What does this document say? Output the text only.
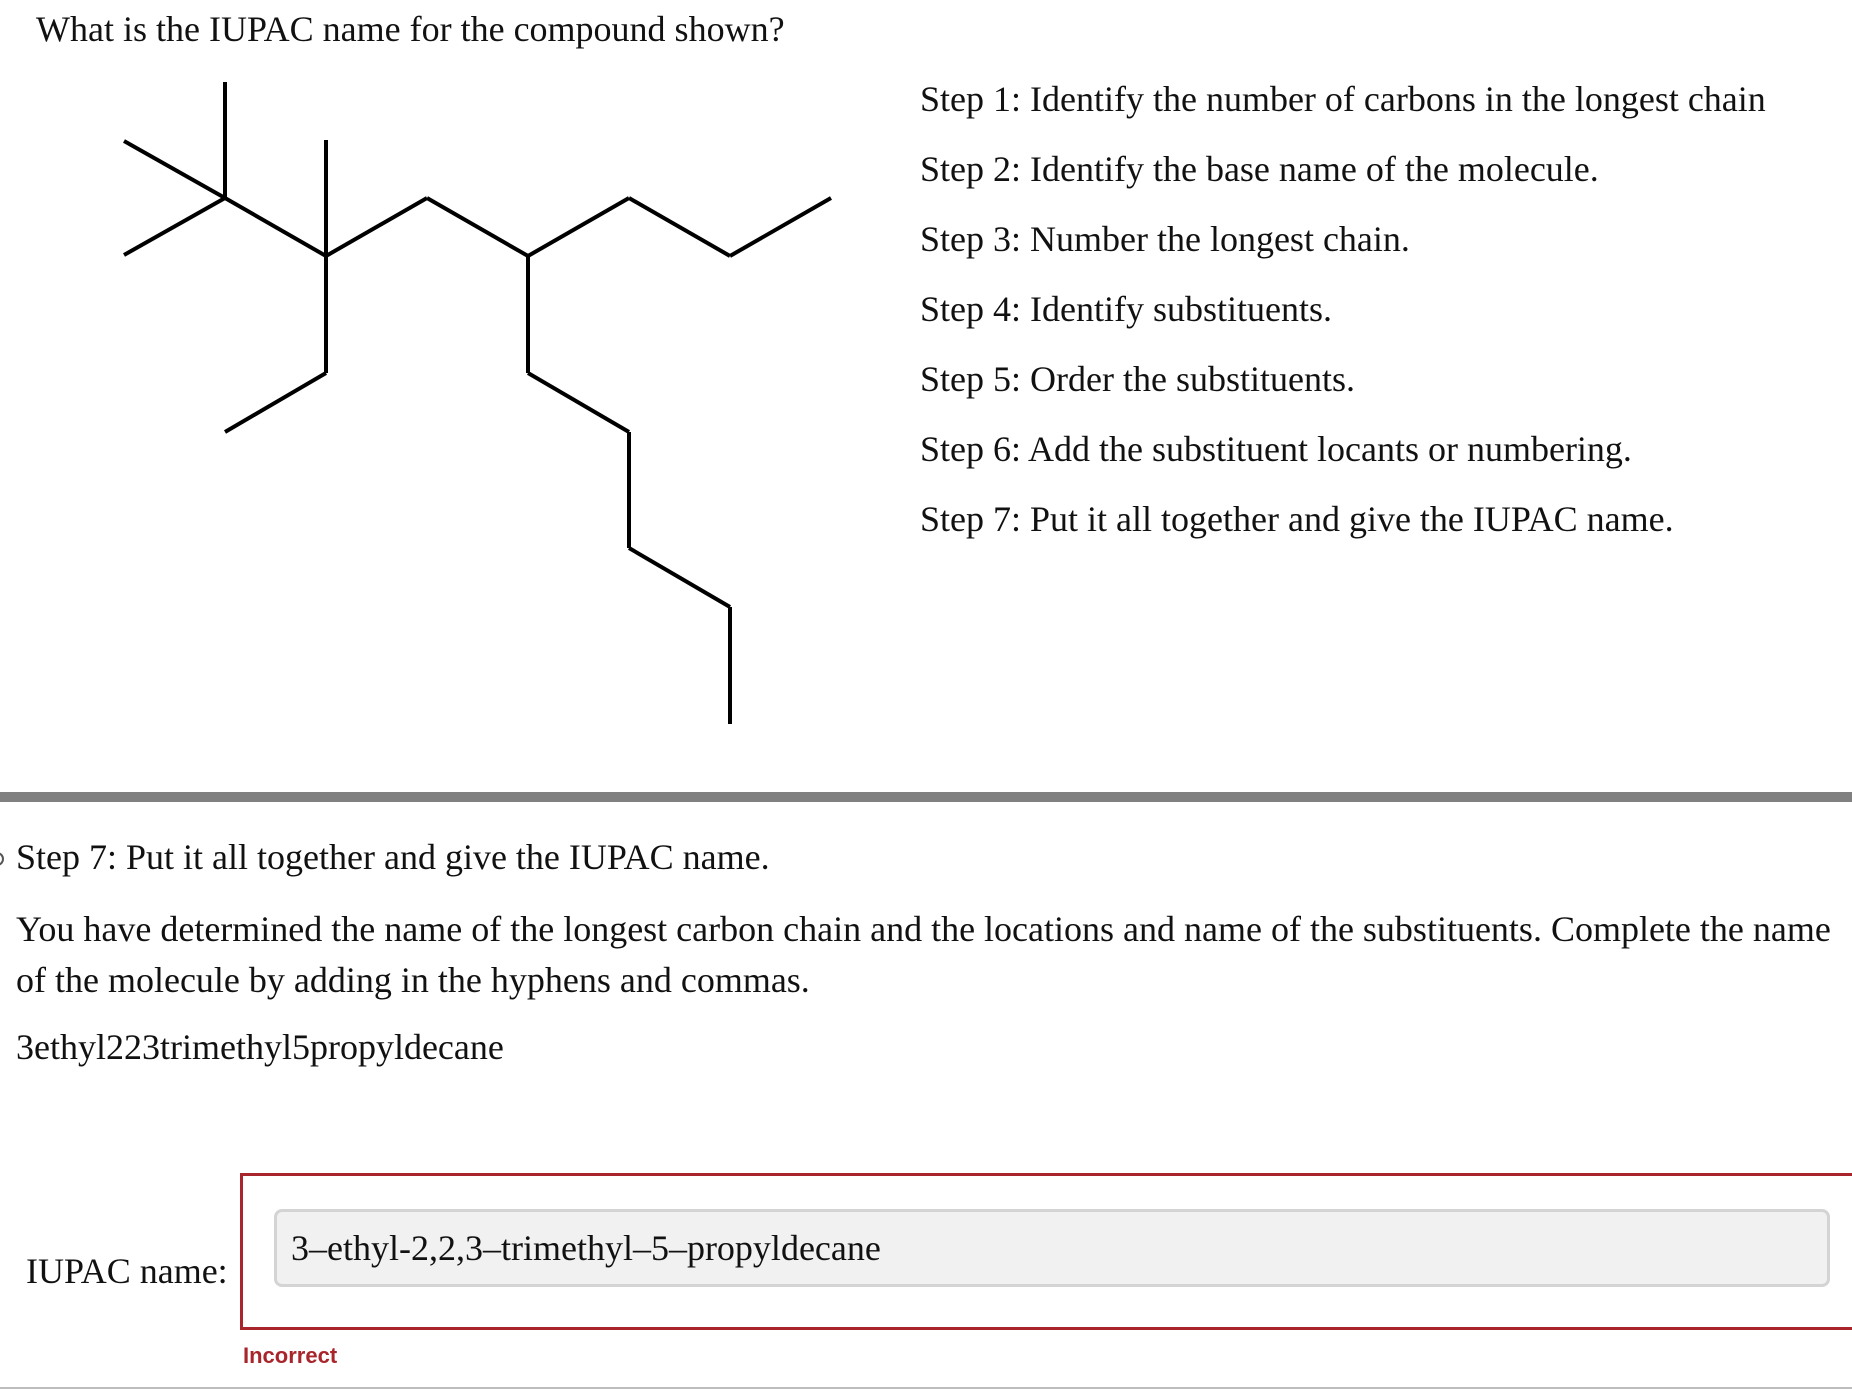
What is the IUPAC name for the compound shown?
Step 1: Identify the number of carbons in the longest chain
Step 2: Identify the base name of the molecule.
Step 3: Number the longest chain.
Step 4: Identify substituents.
Step 5: Order the substituents.
Step 6: Add the substituent locants or numbering.
Step 7: Put it all together and give the IUPAC name.
Step 7: Put it all together and give the IUPAC name.
You have determined the name of the longest carbon chain and the locations and name of the substituents. Complete the name of the molecule by adding in the hyphens and commas.
3ethyl223trimethyl5propyldecane
IUPAC name:
3–ethyl-2,2,3–trimethyl–5–propyldecane
Incorrect
